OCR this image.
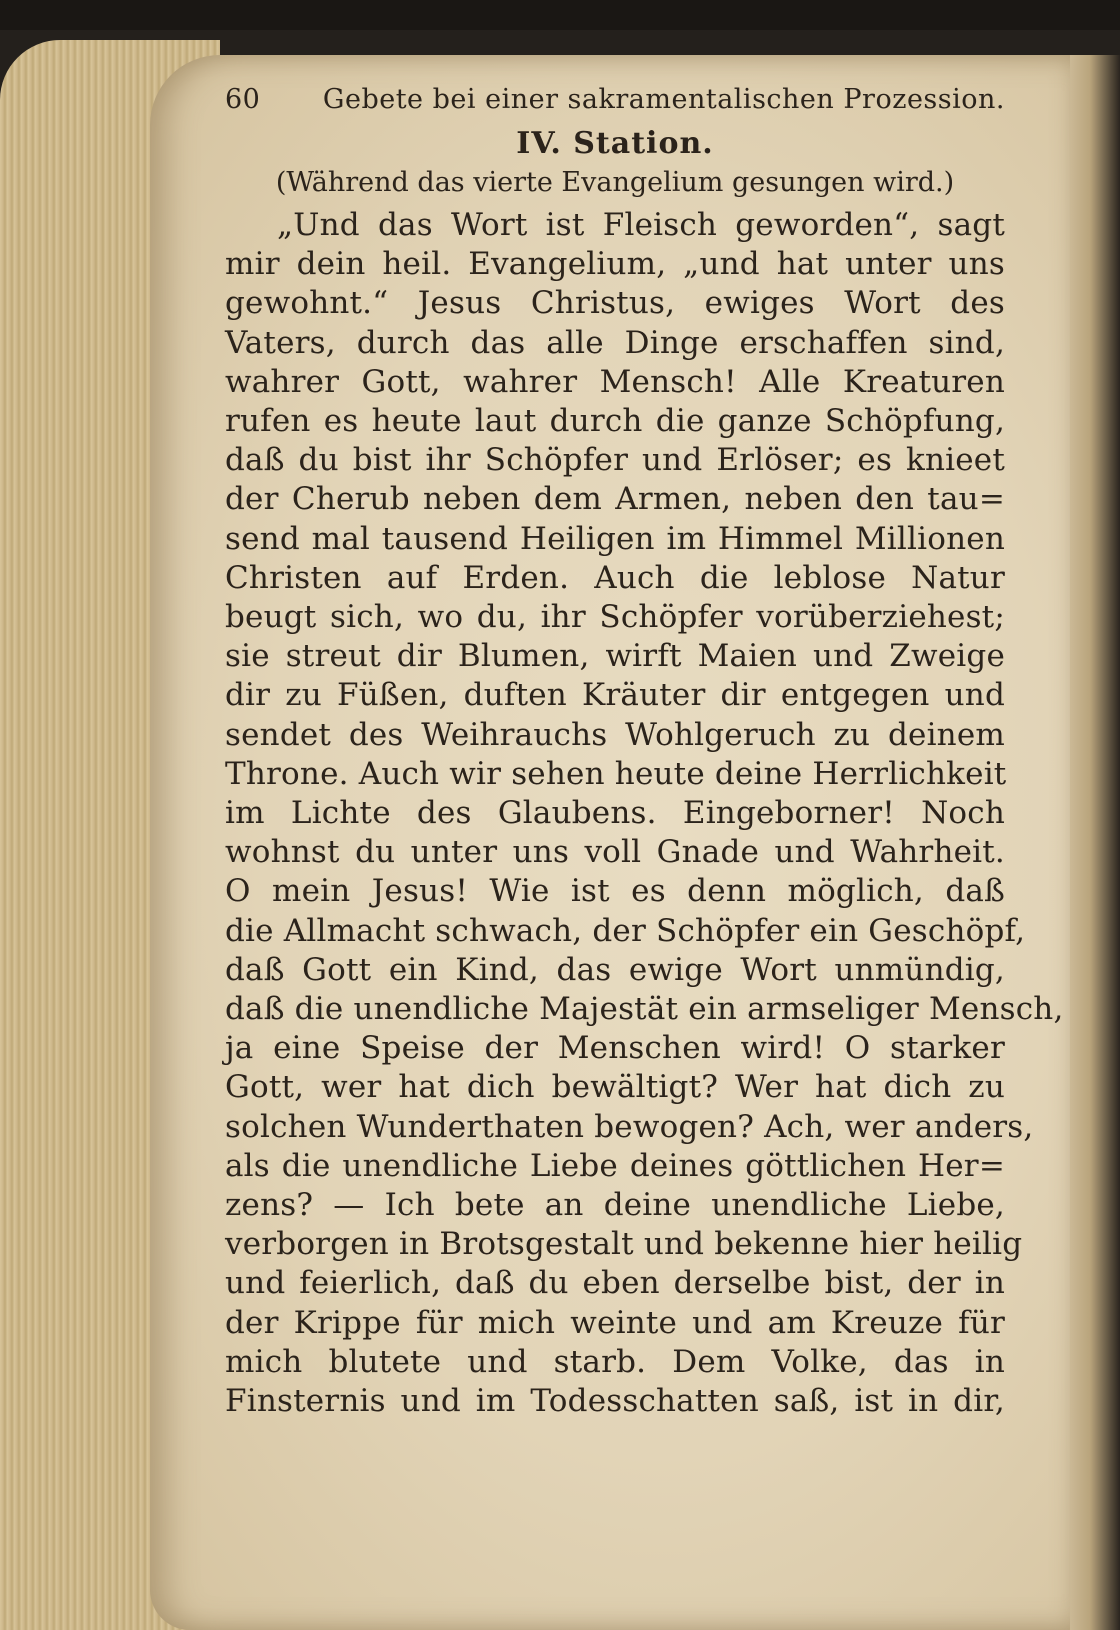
60 Gebete bei einer sakramentalischen Prozession.
IV. Station.
(Während das vierte Evangelium gesungen wird.)
„Und das Wort ist Fleisch geworden“, sagt
mir dein heil. Evangelium, „und hat unter uns
gewohnt.“ Jesus Christus, ewiges Wort des
Vaters, durch das alle Dinge erschaffen sind,
wahrer Gott, wahrer Mensch! Alle Kreaturen
rufen es heute laut durch die ganze Schöpfung,
daß du bist ihr Schöpfer und Erlöser; es knieet
der Cherub neben dem Armen, neben den tau=
send mal tausend Heiligen im Himmel Millionen
Christen auf Erden. Auch die leblose Natur
beugt sich, wo du, ihr Schöpfer vorüberziehest;
sie streut dir Blumen, wirft Maien und Zweige
dir zu Füßen, duften Kräuter dir entgegen und
sendet des Weihrauchs Wohlgeruch zu deinem
Throne. Auch wir sehen heute deine Herrlichkeit
im Lichte des Glaubens. Eingeborner! Noch
wohnst du unter uns voll Gnade und Wahrheit.
O mein Jesus! Wie ist es denn möglich, daß
die Allmacht schwach, der Schöpfer ein Geschöpf,
daß Gott ein Kind, das ewige Wort unmündig,
daß die unendliche Majestät ein armseliger Mensch,
ja eine Speise der Menschen wird! O starker
Gott, wer hat dich bewältigt? Wer hat dich zu
solchen Wunderthaten bewogen? Ach, wer anders,
als die unendliche Liebe deines göttlichen Her=
zens? — Ich bete an deine unendliche Liebe,
verborgen in Brotsgestalt und bekenne hier heilig
und feierlich, daß du eben derselbe bist, der in
der Krippe für mich weinte und am Kreuze für
mich blutete und starb. Dem Volke, das in
Finsternis und im Todesschatten saß, ist in dir,
